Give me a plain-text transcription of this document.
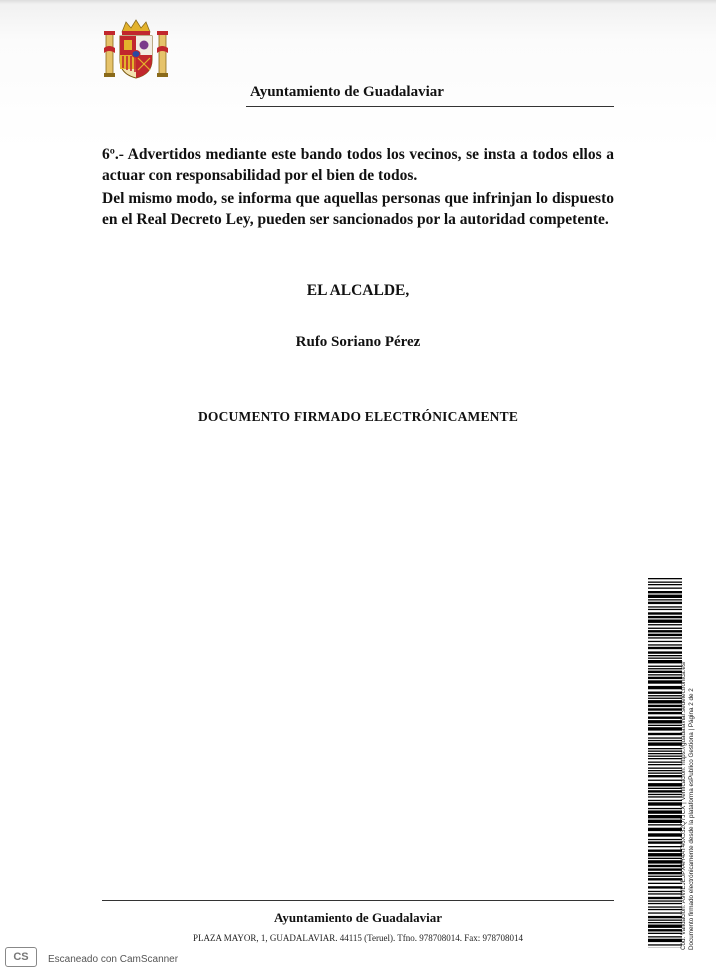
Ayuntamiento de Guadalaviar
6º.- Advertidos mediante este bando todos los vecinos, se insta a todos ellos a actuar con responsabilidad por el bien de todos.
Del mismo modo, se informa que aquellas personas que infrinjan lo dispuesto en el Real Decreto Ley, pueden ser sancionados por la autoridad competente.
EL ALCALDE,
Rufo Soriano Pérez
DOCUMENTO FIRMADO ELECTRÓNICAMENTE
Cód. Validación: A9WEJEJPX4H4AT46XJ32Q7JCX | Verificación: https://guadalaviar.sedelectronica.es/ Documento firmado electrónicamente desde la plataforma esPublico Gestiona | Página 2 de 2
Ayuntamiento de Guadalaviar
PLAZA MAYOR, 1, GUADALAVIAR. 44115 (Teruel). Tfno. 978708014. Fax: 978708014
CS	Escaneado con CamScanner
